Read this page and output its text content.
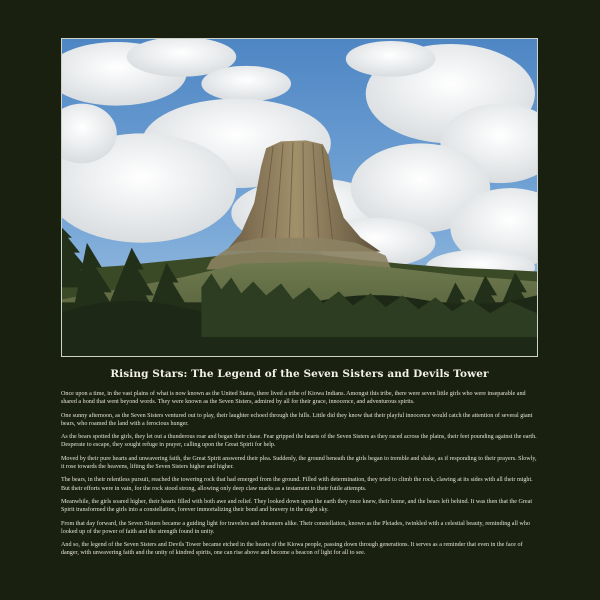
Rising Stars: The Legend of the Seven Sisters and Devils Tower

Once upon a time, in the vast plains of what is now known as the United States, there lived a tribe of Kiowa Indians. Amongst this tribe, there were seven little girls who were inseparable and shared a bond that went beyond words. They were known as the Seven Sisters, admired by all for their grace, innocence, and adventurous spirits.

One sunny afternoon, as the Seven Sisters ventured out to play, their laughter echoed through the hills. Little did they know that their playful innocence would catch the attention of several giant bears, who roamed the land with a ferocious hunger.

As the bears spotted the girls, they let out a thunderous roar and began their chase. Fear gripped the hearts of the Seven Sisters as they raced across the plains, their feet pounding against the earth. Desperate to escape, they sought refuge in prayer, calling upon the Great Spirit for help.

Moved by their pure hearts and unwavering faith, the Great Spirit answered their plea. Suddenly, the ground beneath the girls began to tremble and shake, as if responding to their prayers. Slowly, it rose towards the heavens, lifting the Seven Sisters higher and higher.

The bears, in their relentless pursuit, reached the towering rock that had emerged from the ground. Filled with determination, they tried to climb the rock, clawing at its sides with all their might. But their efforts were in vain, for the rock stood strong, allowing only deep claw marks as a testament to their futile attempts.

Meanwhile, the girls soared higher, their hearts filled with both awe and relief. They looked down upon the earth they once knew, their home, and the bears left behind. It was then that the Great Spirit transformed the girls into a constellation, forever immortalizing their bond and bravery in the night sky.

From that day forward, the Seven Sisters became a guiding light for travelers and dreamers alike. Their constellation, known as the Pleiades, twinkled with a celestial beauty, reminding all who looked up of the power of faith and the strength found in unity.

And so, the legend of the Seven Sisters and Devils Tower became etched in the hearts of the Kiowa people, passing down through generations. It serves as a reminder that even in the face of danger, with unwavering faith and the unity of kindred spirits, one can rise above and become a beacon of light for all to see.
